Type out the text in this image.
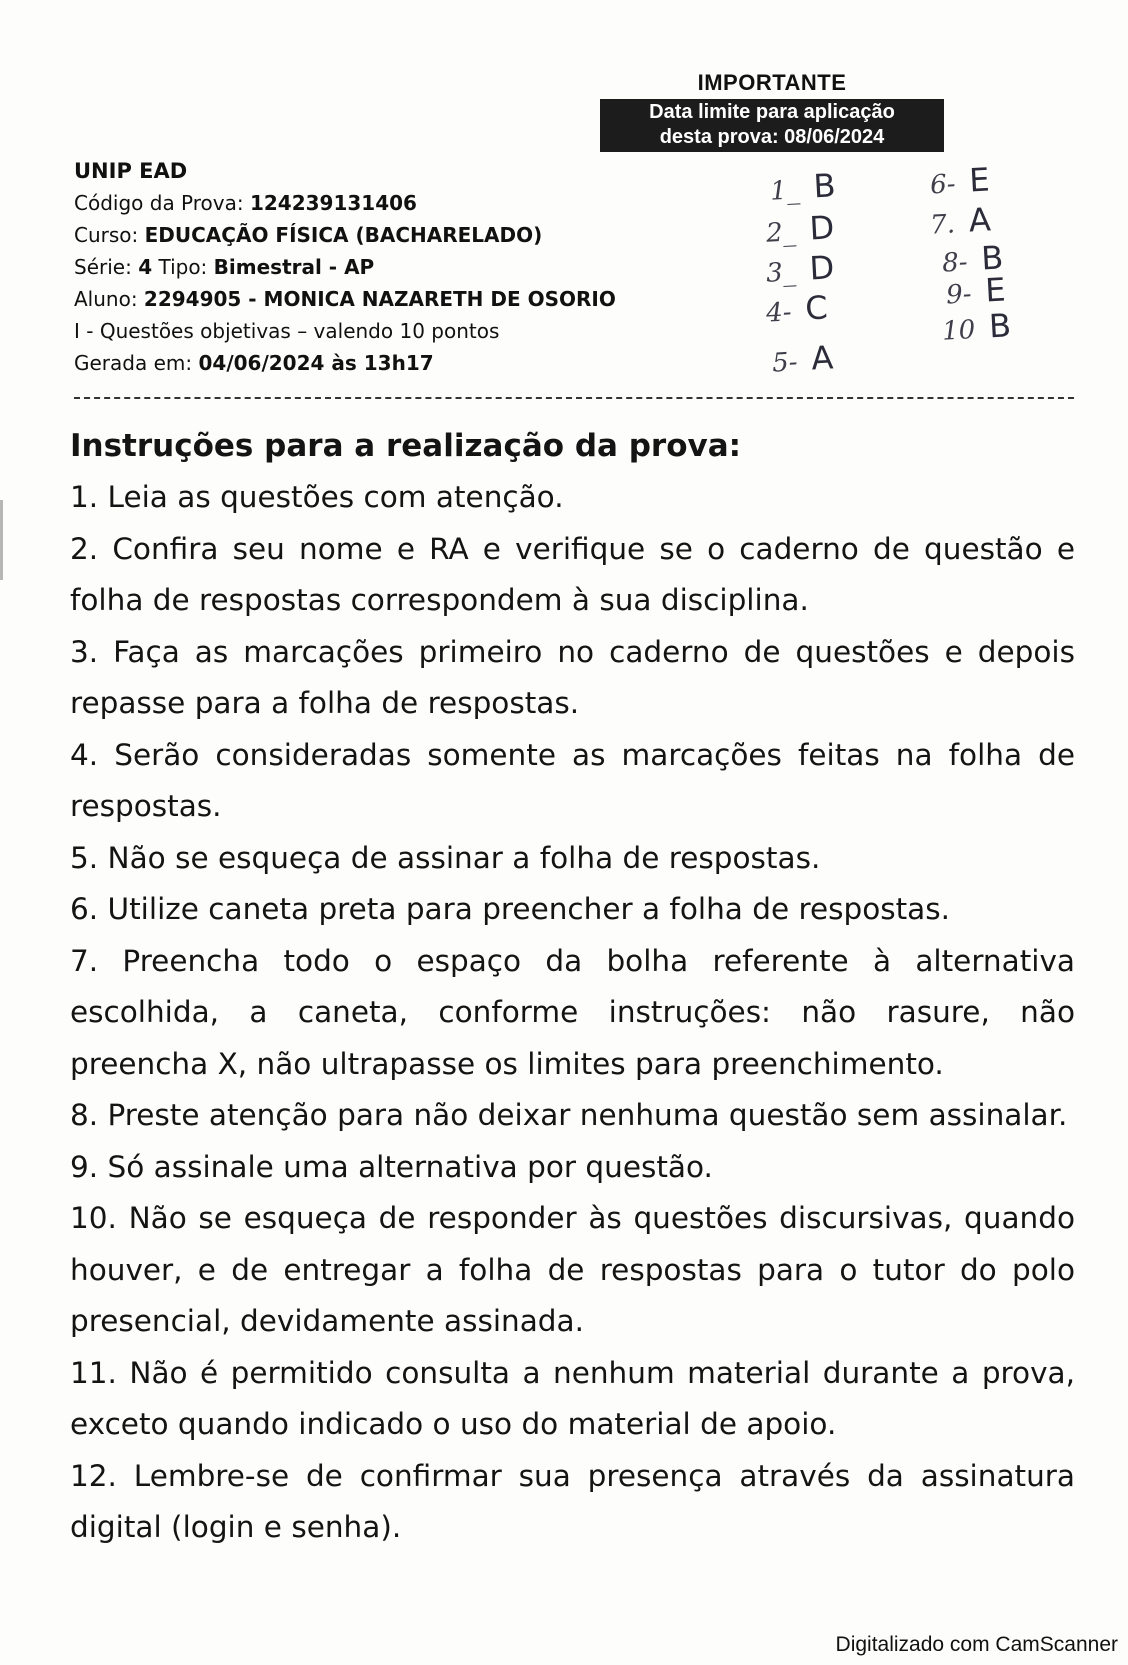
IMPORTANTE
Data limite para aplicação
desta prova: 08/06/2024
UNIP EAD
Código da Prova: 124239131406
Curso: EDUCAÇÃO FÍSICA (BACHARELADO)
Série: 4 Tipo: Bimestral - AP
Aluno: 2294905 - MONICA NAZARETH DE OSORIO
I - Questões objetivas – valendo 10 pontos
Gerada em: 04/06/2024 às 13h17
1_ B
2_ D
3_ D
4- C
5- A
6- E
7. A
8- B
9- E
10 B
Instruções para a realização da prova:
1. Leia as questões com atenção.
2. Confira seu nome e RA e verifique se o caderno de questão e folha de respostas correspondem à sua disciplina.
3. Faça as marcações primeiro no caderno de questões e depois repasse para a folha de respostas.
4. Serão consideradas somente as marcações feitas na folha de respostas.
5. Não se esqueça de assinar a folha de respostas.
6. Utilize caneta preta para preencher a folha de respostas.
7. Preencha todo o espaço da bolha referente à alternativa escolhida, a caneta, conforme instruções: não rasure, não preencha X, não ultrapasse os limites para preenchimento.
8. Preste atenção para não deixar nenhuma questão sem assinalar.
9. Só assinale uma alternativa por questão.
10. Não se esqueça de responder às questões discursivas, quando houver, e de entregar a folha de respostas para o tutor do polo presencial, devidamente assinada.
11. Não é permitido consulta a nenhum material durante a prova, exceto quando indicado o uso do material de apoio.
12. Lembre-se de confirmar sua presença através da assinatura digital (login e senha).
Digitalizado com CamScanner
